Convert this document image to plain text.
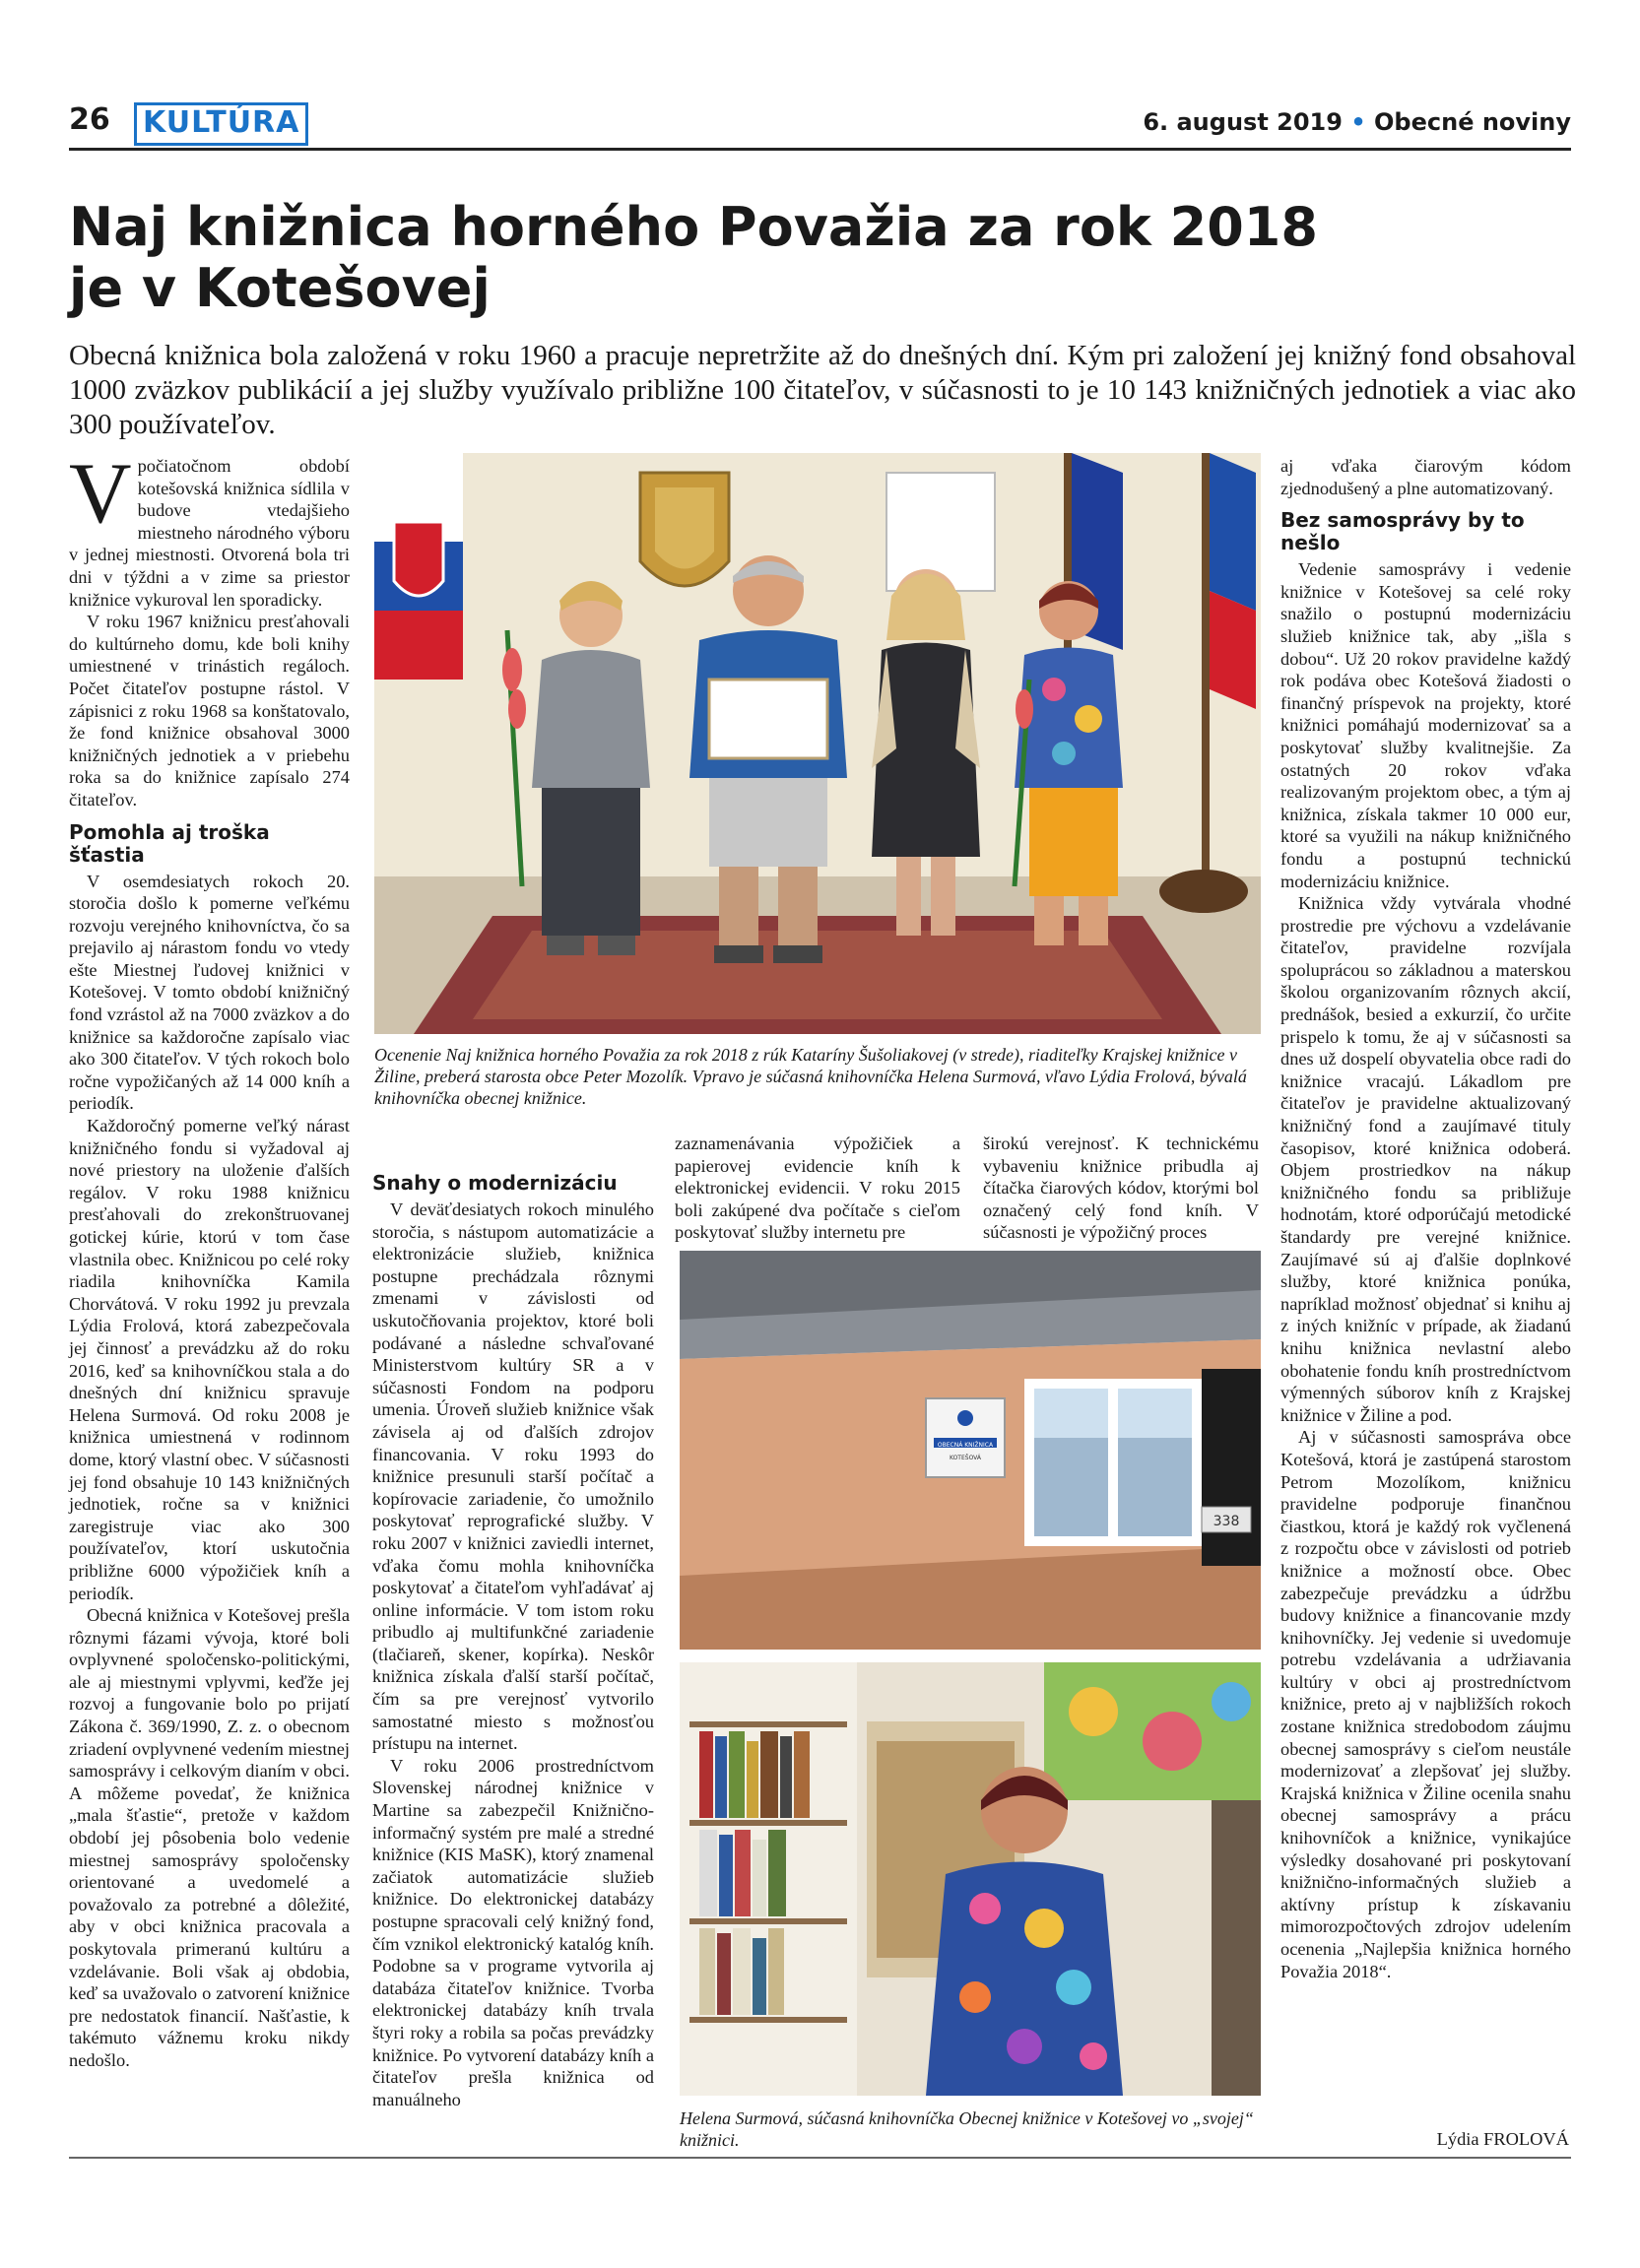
26	KULTÚRA	6. august 2019 • Obecné noviny
Naj knižnica horného Považia za rok 2018
je v Kotešovej

Obecná knižnica bola založená v roku 1960 a pracuje nepretržite až do dnešných dní. Kým pri založení jej knižný fond obsahoval 1000 zväzkov publikácií a jej služby využívalo približne 100 čitateľov, v súčasnosti to je 10 143 knižničných jednotiek a viac ako 300 používateľov.

Vpočiatočnom období kotešovská knižnica sídlila v budove vtedajšieho miestneho národného výboru v jednej miestnosti. Otvorená bola tri dni v týždni a v zime sa priestor knižnice vykuroval len sporadicky.

V roku 1967 knižnicu presťahovali do kultúrneho domu, kde boli knihy umiestnené v trinástich regáloch. Počet čitateľov postupne rástol. V zápisnici z roku 1968 sa konštatovalo, že fond knižnice obsahoval 3000 knižničných jednotiek a v priebehu roka sa do knižnice zapísalo 274 čitateľov.

Pomohla aj troška šťastia

V osemdesiatych rokoch 20. storočia došlo k pomerne veľkému rozvoju verejného knihovníctva, čo sa prejavilo aj nárastom fondu vo vtedy ešte Miestnej ľudovej knižnici v Kotešovej. V tomto období knižničný fond vzrástol až na 7000 zväzkov a do knižnice sa každoročne zapísalo viac ako 300 čitateľov. V tých rokoch bolo ročne vypožičaných až 14 000 kníh a periodík.

Každoročný pomerne veľký nárast knižničného fondu si vyžadoval aj nové priestory na uloženie ďalších regálov. V roku 1988 knižnicu presťahovali do zrekonštruovanej gotickej kúrie, ktorú v tom čase vlastnila obec. Knižnicou po celé roky riadila knihovníčka Kamila Chorvátová. V roku 1992 ju prevzala Lýdia Frolová, ktorá zabezpečovala jej činnosť a prevádzku až do roku 2016, keď sa knihovníčkou stala a do dnešných dní knižnicu spravuje Helena Surmová. Od roku 2008 je knižnica umiestnená v rodinnom dome, ktorý vlastní obec. V súčasnosti jej fond obsahuje 10 143 knižničných jednotiek, ročne sa v knižnici zaregistruje viac ako 300 používateľov, ktorí uskutočnia približne 6000 výpožičiek kníh a periodík.

Obecná knižnica v Kotešovej prešla rôznymi fázami vývoja, ktoré boli ovplyvnené spoločensko-politickými, ale aj miestnymi vplyvmi, keďže jej rozvoj a fungovanie bolo po prijatí Zákona č. 369/1990, Z. z. o obecnom zriadení ovplyvnené vedením miestnej samosprávy i celkovým dianím v obci. A môžeme povedať, že knižnica „mala šťastie“, pretože v každom období jej pôsobenia bolo vedenie miestnej samosprávy spoločensky orientované a uvedomelé a považovalo za potrebné a dôležité, aby v obci knižnica pracovala a poskytovala primeranú kultúru a vzdelávanie. Boli však aj obdobia, keď sa uvažovalo o zatvorení knižnice pre nedostatok financií. Našťastie, k takémuto vážnemu kroku nikdy nedošlo.

Ocenenie Naj knižnica horného Považia za rok 2018 z rúk Kataríny Šušoliakovej (v strede), riaditeľky Krajskej knižnice v Žiline, preberá starosta obce Peter Mozolík. Vpravo je súčasná knihovníčka Helena Surmová, vľavo Lýdia Frolová, bývalá knihovníčka obecnej knižnice.

Snahy o modernizáciu

V deväťdesiatych rokoch minulého storočia, s nástupom automatizácie a elektronizácie služieb, knižnica postupne prechádzala rôznymi zmenami v závislosti od uskutočňovania projektov, ktoré boli podávané a následne schvaľované Ministerstvom kultúry SR a v súčasnosti Fondom na podporu umenia. Úroveň služieb knižnice však závisela aj od ďalších zdrojov financovania. V roku 1993 do knižnice presunuli starší počítač a kopírovacie zariadenie, čo umožnilo poskytovať reprografické služby. V roku 2007 v knižnici zaviedli internet, vďaka čomu mohla knihovníčka poskytovať a čitateľom vyhľadávať aj online informácie. V tom istom roku pribudlo aj multifunkčné zariadenie (tlačiareň, skener, kopírka). Neskôr knižnica získala ďalší starší počítač, čím sa pre verejnosť vytvorilo samostatné miesto s možnosťou prístupu na internet.

V roku 2006 prostredníctvom Slovenskej národnej knižnice v Martine sa zabezpečil Knižnično-informačný systém pre malé a stredné knižnice (KIS MaSK), ktorý znamenal začiatok automatizácie služieb knižnice. Do elektronickej databázy postupne spracovali celý knižný fond, čím vznikol elektronický katalóg kníh. Podobne sa v programe vytvorila aj databáza čitateľov knižnice. Tvorba elektronickej databázy kníh trvala štyri roky a robila sa počas prevádzky knižnice. Po vytvorení databázy kníh a čitateľov prešla knižnica od manuálneho

zaznamenávania výpožičiek a papierovej evidencie kníh k elektronickej evidencii. V roku 2015 boli zakúpené dva počítače s cieľom poskytovať služby internetu pre

širokú verejnosť. K technickému vybaveniu knižnice pribudla aj čítačka čiarových kódov, ktorými bol označený celý fond kníh. V súčasnosti je výpožičný proces

OBECNÁ KNIŽNICA
KOTEŠOVÁ
338

Helena Surmová, súčasná knihovníčka Obecnej knižnice v Kotešovej vo „svojej“ knižnici.

aj vďaka čiarovým kódom zjednodušený a plne automatizovaný.

Bez samosprávy by to nešlo

Vedenie samosprávy i vedenie knižnice v Kotešovej sa celé roky snažilo o postupnú modernizáciu služieb knižnice tak, aby „išla s dobou“. Už 20 rokov pravidelne každý rok podáva obec Kotešová žiadosti o finančný príspevok na projekty, ktoré knižnici pomáhajú modernizovať sa a poskytovať služby kvalitnejšie. Za ostatných 20 rokov vďaka realizovaným projektom obec, a tým aj knižnica, získala takmer 10 000 eur, ktoré sa využili na nákup knižničného fondu a postupnú technickú modernizáciu knižnice.

Knižnica vždy vytvárala vhodné prostredie pre výchovu a vzdelávanie čitateľov, pravidelne rozvíjala spoluprácou so základnou a materskou školou organizovaním rôznych akcií, prednášok, besied a exkurzií, čo určite prispelo k tomu, že aj v súčasnosti sa dnes už dospelí obyvatelia obce radi do knižnice vracajú. Lákadlom pre čitateľov je pravidelne aktualizovaný knižničný fond a zaujímavé tituly časopisov, ktoré knižnica odoberá. Objem prostriedkov na nákup knižničného fondu sa približuje hodnotám, ktoré odporúčajú metodické štandardy pre verejné knižnice. Zaujímavé sú aj ďalšie doplnkové služby, ktoré knižnica ponúka, napríklad možnosť objednať si knihu aj z iných knižníc v prípade, ak žiadanú knihu knižnica nevlastní alebo obohatenie fondu kníh prostredníctvom výmenných súborov kníh z Krajskej knižnice v Žiline a pod.

Aj v súčasnosti samospráva obce Kotešová, ktorá je zastúpená starostom Petrom Mozolíkom, knižnicu pravidelne podporuje finančnou čiastkou, ktorá je každý rok vyčlenená z rozpočtu obce v závislosti od potrieb knižnice a možností obce. Obec zabezpečuje prevádzku a údržbu budovy knižnice a financovanie mzdy knihovníčky. Jej vedenie si uvedomuje potrebu vzdelávania a udržiavania kultúry v obci aj prostredníctvom knižnice, preto aj v najbližších rokoch zostane knižnica stredobodom záujmu obecnej samosprávy s cieľom neustále modernizovať a zlepšovať jej služby. Krajská knižnica v Žiline ocenila snahu obecnej samosprávy a prácu knihovníčok a knižnice, vynikajúce výsledky dosahované pri poskytovaní knižnično-informačných služieb a aktívny prístup k získavaniu mimorozpočtových zdrojov udelením ocenenia „Najlepšia knižnica horného Považia 2018“.

Lýdia FROLOVÁ
